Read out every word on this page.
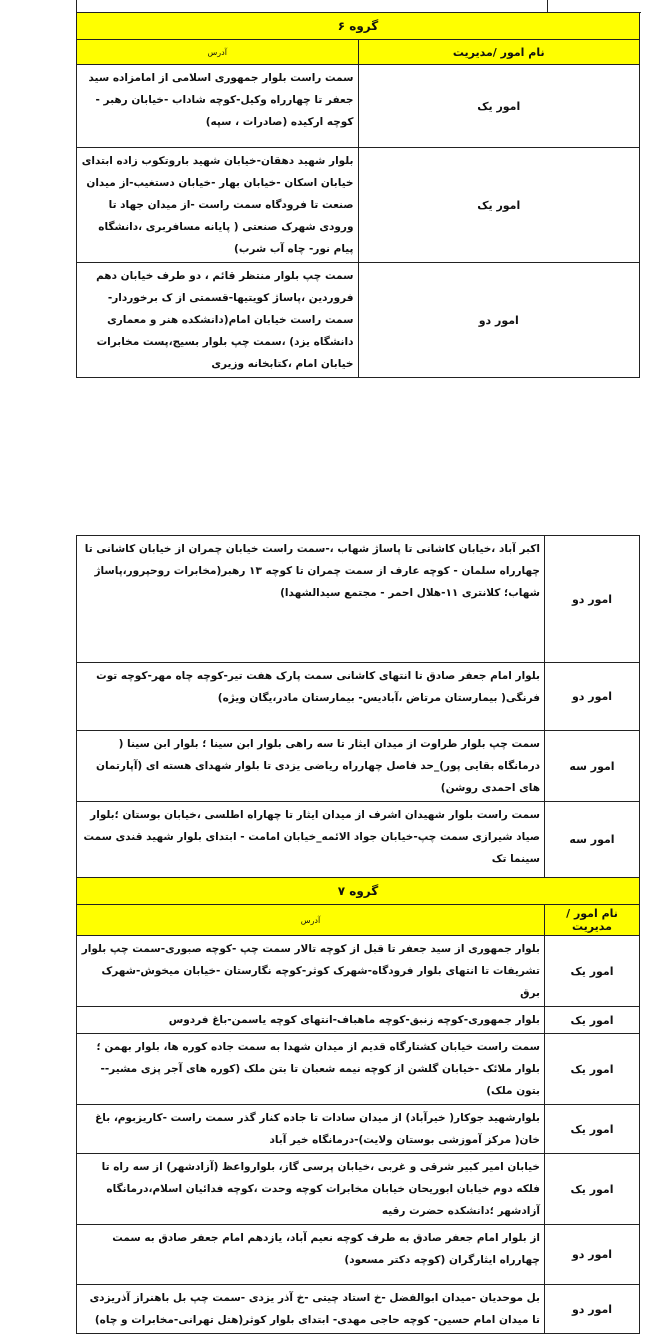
گروه ۶	
نام امور /مدیریت	آدرس
امور یک	سمت راست بلوار جمهوری اسلامی از امامزاده سید جعفر تا چهارراه وکیل-کوچه شاداب -خیابان رهبر - کوچه ارکیده (صادرات ، سپه)
امور یک	بلوار شهید دهقان-خیابان شهید باروتکوب زاده ابتدای خیابان اسکان -خیابان بهار -خیابان دستغیب-از میدان صنعت تا فرودگاه سمت راست -از میدان جهاد تا ورودی شهرک صنعتی ( پایانه مسافربری ،دانشگاه پیام نور- چاه آب شرب)
امور دو	سمت چپ بلوار منتظر قائم ، دو طرف خیابان دهم فروردین ،پاساژ کویتیها-قسمتی از ک برخوردار-سمت راست خیابان امام(دانشکده هنر و معماری دانشگاه یزد) ،سمت چپ بلوار بسیج،پست مخابرات خیابان امام ،کتابخانه وزیری
امور دو	اکبر آباد ،خیابان کاشانی تا پاساژ شهاب ،-سمت راست خیابان چمران از خیابان کاشانی تا چهارراه سلمان - کوچه عارف از سمت چمران تا کوچه ۱۳ رهبر(مخابرات روحپرور،پاساژ شهاب؛ کلانتری ۱۱-هلال احمر - مجتمع سیدالشهدا)
امور دو	بلوار امام جعفر صادق تا انتهای کاشانی سمت پارک هفت تیر-کوچه چاه مهر-کوچه توت فرنگی( بیمارستان مرتاض ،آبادیس- بیمارستان مادر،یگان ویژه)
امور سه	سمت چپ بلوار طراوت از میدان ایثار تا سه راهی بلوار ابن سینا ؛ بلوار ابن سینا ( درمانگاه بقایی پور)_حد فاصل چهارراه ریاضی یزدی تا بلوار شهدای هسته ای (آپارتمان های احمدی روشن)
امور سه	سمت راست بلوار شهیدان اشرف از میدان ایثار تا چهاراه اطلسی ،خیابان بوستان ؛بلوار صیاد شیرازی سمت چپ-خیابان جواد الائمه_خیابان امامت - ابتدای بلوار شهید قندی سمت سینما تک
گروه ۷	
نام امور /مدیریت	آدرس
امور یک	بلوار جمهوری از سید جعفر تا قبل از کوچه تالار سمت چپ -کوچه صبوری-سمت چپ بلوار تشریفات تا انتهای بلوار فرودگاه-شهرک کوثر-کوچه نگارستان -خیابان میخوش-شهرک برق
امور یک	بلوار جمهوری-کوچه زنبق-کوچه ماهباف-انتهای کوچه یاسمن-باغ فردوس
امور یک	سمت راست خیابان کشتارگاه قدیم از میدان شهدا به سمت جاده کوره ها، بلوار بهمن ؛بلوار ملائک -خیابان گلشن از کوچه نیمه شعبان تا بتن ملک (کوره های آجر پزی مشیر--بتون ملک)
امور یک	بلوارشهید جوکار( خیرآباد) از میدان سادات تا جاده کنار گذر سمت راست -کاریزبوم، باغ خان( مرکز آموزشی بوستان ولایت)-درمانگاه خیر آباد
امور یک	خیابان امیر کبیر شرقی و غربی ،خیابان پرسی گاز، بلوارواعظ (آزادشهر) از سه راه تا فلکه دوم خیابان ابوریحان خیابان مخابرات کوچه وحدت ،کوچه فدائیان اسلام،درمانگاه آزادشهر ؛دانشکده حضرت رقیه
امور دو	از بلوار امام جعفر صادق به طرف کوچه نعیم آباد، یازدهم امام جعفر صادق به سمت چهارراه ایثارگران (کوچه دکتر مسعود)
امور دو	بل موحدیان -میدان ابوالفضل -خ استاد چیتی -خ آذر یزدی -سمت چپ بل باهنراز آذریزدی تا میدان امام حسین- کوچه حاجی مهدی- ابتدای بلوار کوثر(هتل تهرانی-مخابرات و چاه)
